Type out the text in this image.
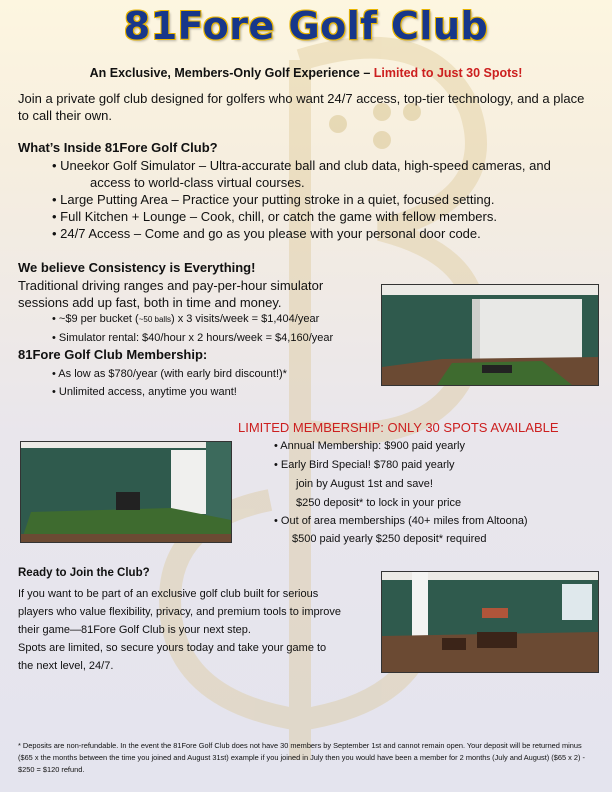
81Fore Golf Club
An Exclusive, Members-Only Golf Experience – Limited to Just 30 Spots!
Join a private golf club designed for golfers who want 24/7 access, top-tier technology, and a place to call their own.
What’s Inside 81Fore Golf Club?
• Uneekor Golf Simulator – Ultra-accurate ball and club data, high-speed cameras, and
access to world-class virtual courses.
• Large Putting Area – Practice your putting stroke in a quiet, focused setting.
• Full Kitchen + Lounge – Cook, chill, or catch the game with fellow members.
• 24/7 Access – Come and go as you please with your personal door code.
We believe Consistency is Everything!
Traditional driving ranges and pay-per-hour simulator
sessions add up fast, both in time and money.
• ~$9 per bucket (~50 balls) x 3 visits/week = $1,404/year
• Simulator rental: $40/hour x 2 hours/week = $4,160/year
81Fore Golf Club Membership:
• As low as $780/year (with early bird discount!)*
• Unlimited access, anytime you want!
LIMITED MEMBERSHIP: ONLY 30 SPOTS AVAILABLE
• Annual Membership: $900 paid yearly
• Early Bird Special! $780 paid yearly
join by August 1st and save!
$250 deposit* to lock in your price
• Out of area memberships (40+ miles from Altoona)
$500 paid yearly $250 deposit* required
Ready to Join the Club?
If you want to be part of an exclusive golf club built for serious
players who value flexibility, privacy, and premium tools to improve
their game—81Fore Golf Club is your next step.
Spots are limited, so secure yours today and take your game to
the next level, 24/7.
* Deposits are non-refundable. In the event the 81Fore Golf Club does not have 30 members by September 1st and cannot remain open. Your deposit will be returned minus ($65 x the months between the time you joined and August 31st) example if you joined in July then you would have been a member for 2 months (July and August) ($65 x 2) - $250 = $120 refund.
